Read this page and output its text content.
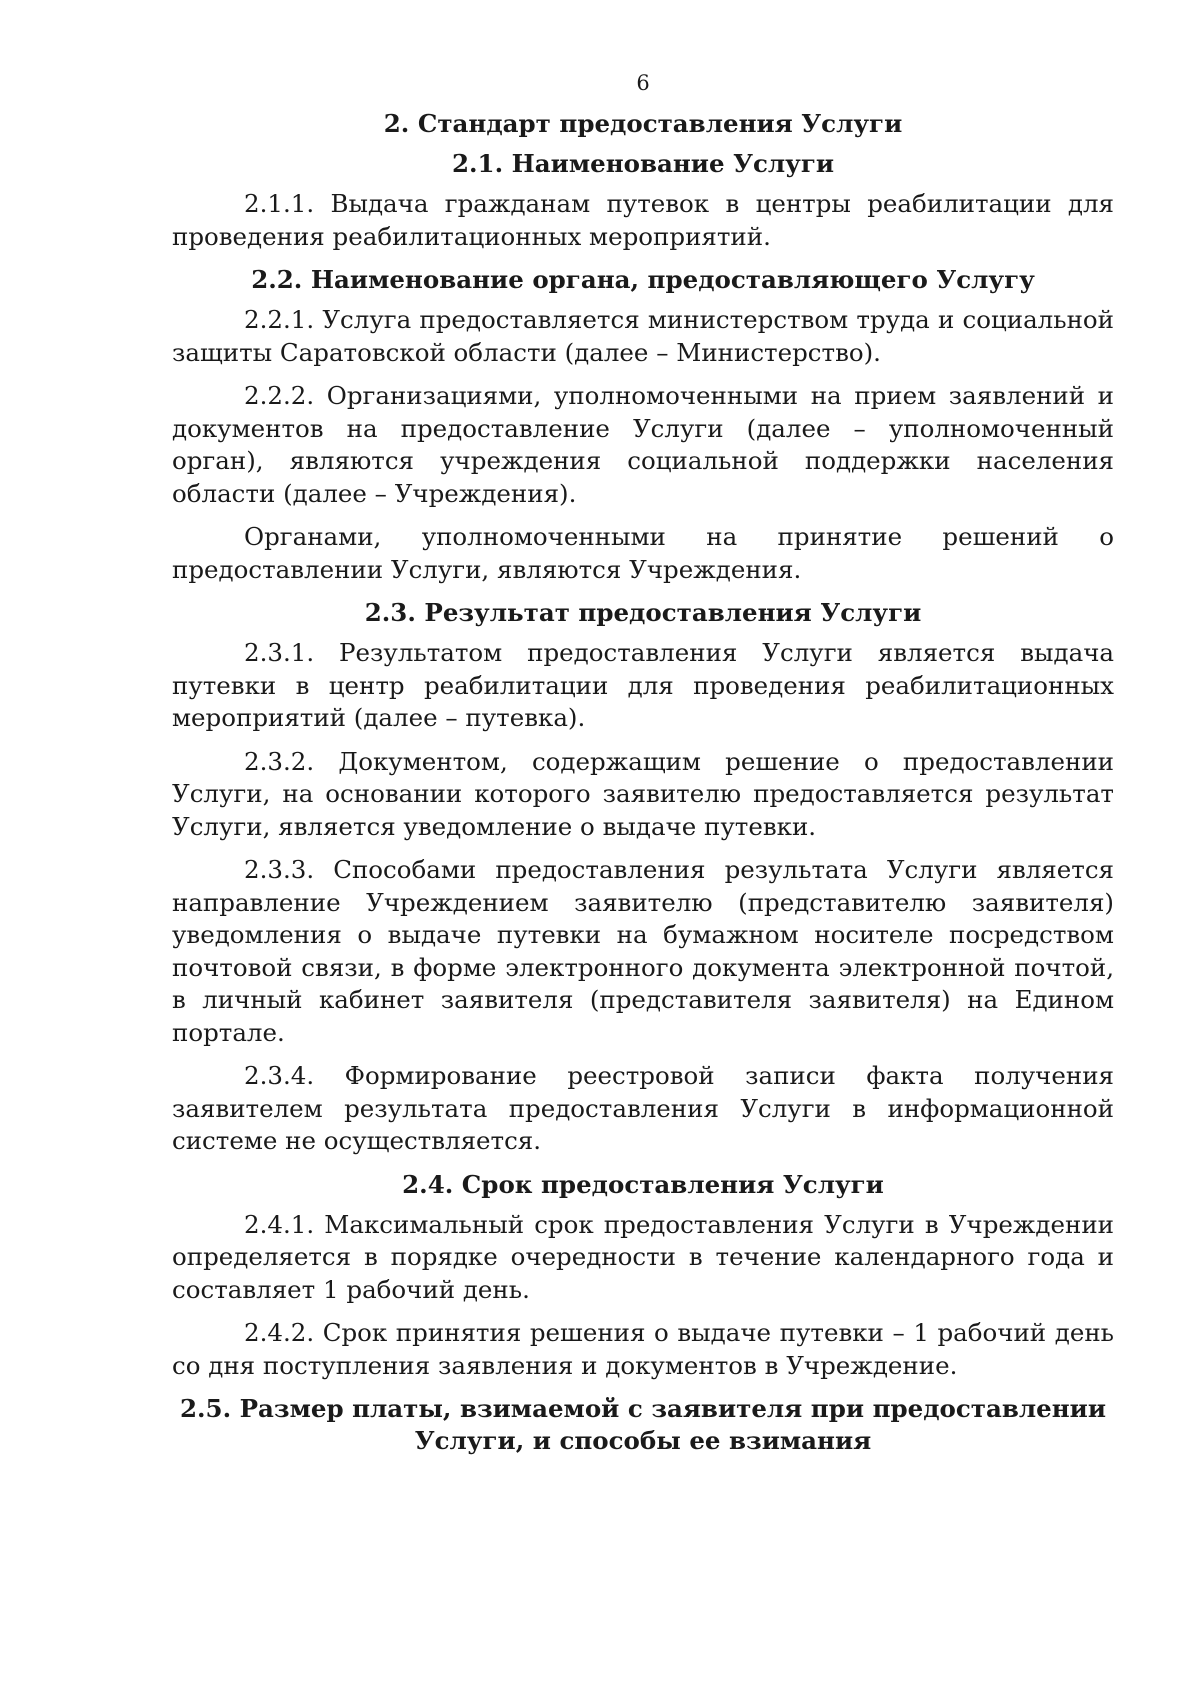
6
2. Стандарт предоставления Услуги
2.1. Наименование Услуги

2.1.1. Выдача гражданам путевок в центры реабилитации для проведения реабилитационных мероприятий.

2.2. Наименование органа, предоставляющего Услугу

2.2.1. Услуга предоставляется министерством труда и социальной защиты Саратовской области (далее – Министерство).

2.2.2. Организациями, уполномоченными на прием заявлений и документов на предоставление Услуги (далее – уполномоченный орган), являются учреждения социальной поддержки населения области (далее – Учреждения).

Органами, уполномоченными на принятие решений о предоставлении Услуги, являются Учреждения.

2.3. Результат предоставления Услуги

2.3.1. Результатом предоставления Услуги является выдача путевки в центр реабилитации для проведения реабилитационных мероприятий (далее – путевка).

2.3.2. Документом, содержащим решение о предоставлении Услуги, на основании которого заявителю предоставляется результат Услуги, является уведомление о выдаче путевки.

2.3.3. Способами предоставления результата Услуги является направление Учреждением заявителю (представителю заявителя) уведомления о выдаче путевки на бумажном носителе посредством почтовой связи, в форме электронного документа электронной почтой, в личный кабинет заявителя (представителя заявителя) на Едином портале.

2.3.4. Формирование реестровой записи факта получения заявителем результата предоставления Услуги в информационной системе не осуществляется.

2.4. Срок предоставления Услуги

2.4.1. Максимальный срок предоставления Услуги в Учреждении определяется в порядке очередности в течение календарного года и составляет 1 рабочий день.

2.4.2. Срок принятия решения о выдаче путевки – 1 рабочий день со дня поступления заявления и документов в Учреждение.

2.5. Размер платы, взимаемой с заявителя при предоставлении Услуги, и способы ее взимания
